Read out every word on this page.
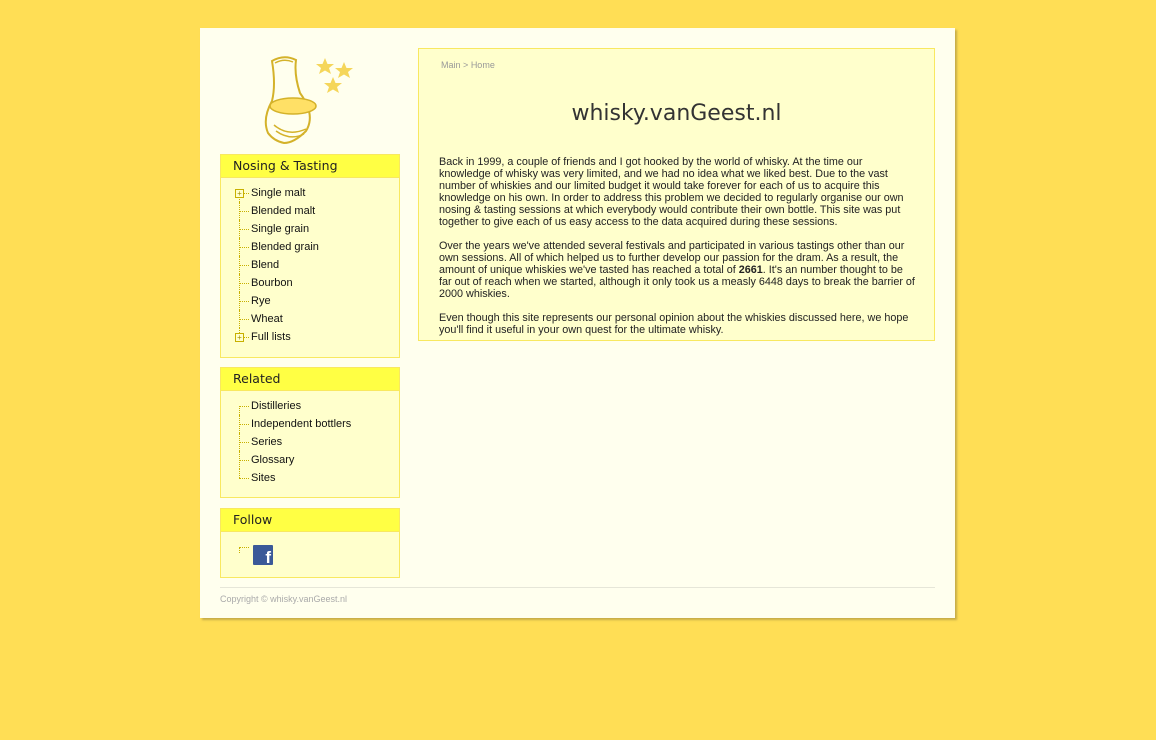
Nosing & Tasting
+ Single malt
Blended malt
Single grain
Blended grain
Blend
Bourbon
Rye
Wheat
+ Full lists
Related
Distilleries
Independent bottlers
Series
Glossary
Sites
Follow
f
Main > Home
whisky.vanGeest.nl

Back in 1999, a couple of friends and I got hooked by the world of whisky. At the time our knowledge of whisky was very limited, and we had no idea what we liked best. Due to the vast number of whiskies and our limited budget it would take forever for each of us to acquire this knowledge on his own. In order to address this problem we decided to regularly organise our own nosing & tasting sessions at which everybody would contribute their own bottle. This site was put together to give each of us easy access to the data acquired during these sessions.

Over the years we've attended several festivals and participated in various tastings other than our own sessions. All of which helped us to further develop our passion for the dram. As a result, the amount of unique whiskies we've tasted has reached a total of 2661. It's an number thought to be far out of reach when we started, although it only took us a measly 6448 days to break the barrier of 2000 whiskies.

Even though this site represents our personal opinion about the whiskies discussed here, we hope you'll find it useful in your own quest for the ultimate whisky.

Copyright © whisky.vanGeest.nl
